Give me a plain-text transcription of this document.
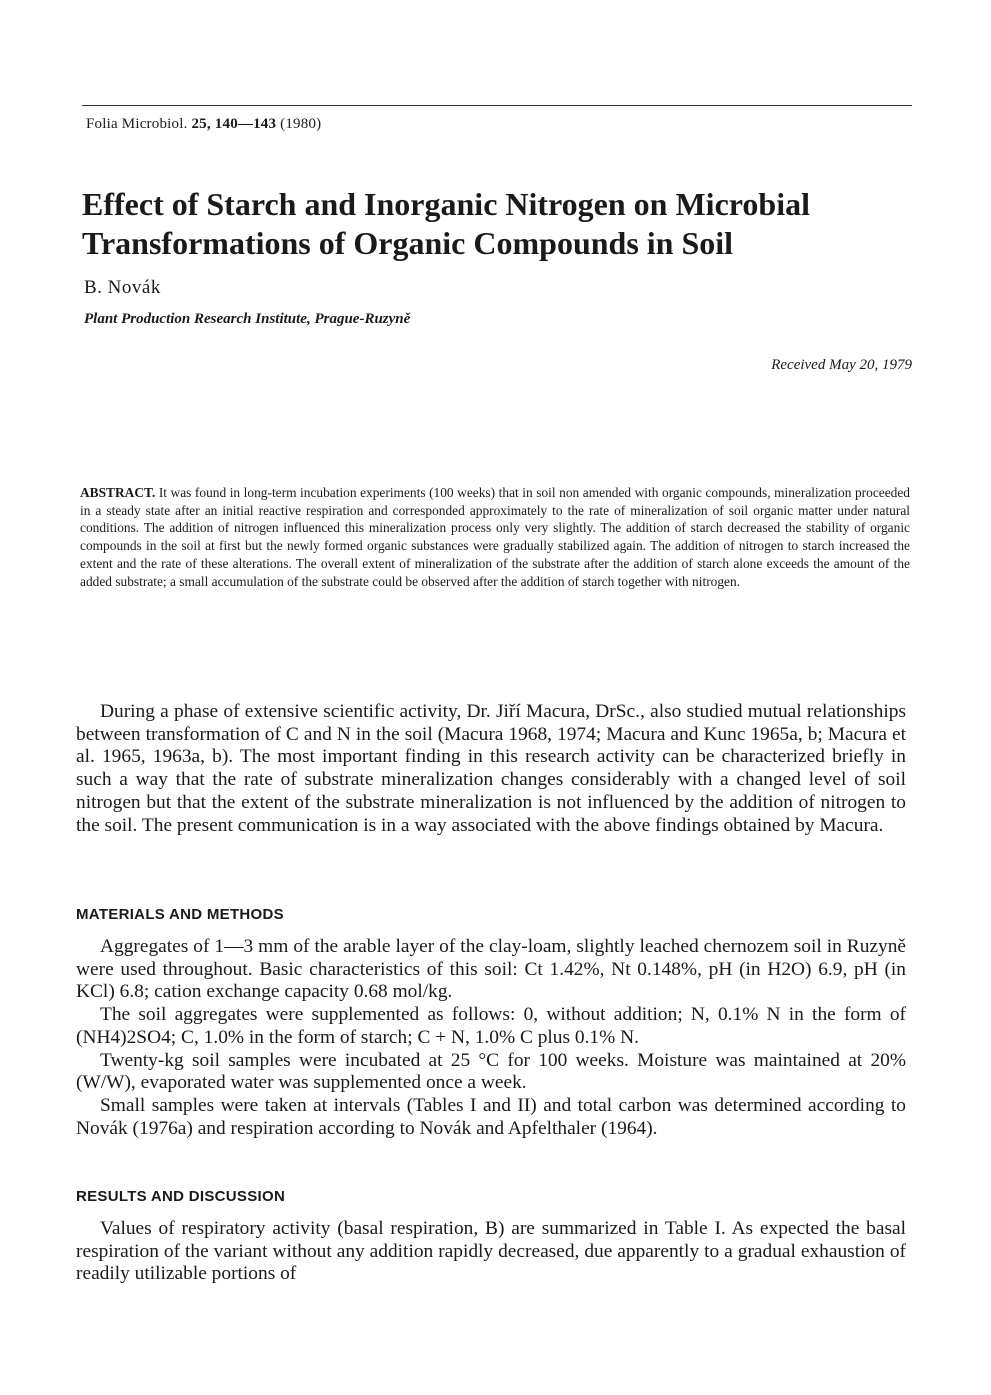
Folia Microbiol. 25, 140—143 (1980)
Effect of Starch and Inorganic Nitrogen on Microbial Transformations of Organic Compounds in Soil
B. Novák
Plant Production Research Institute, Prague-Ruzyně
Received May 20, 1979

ABSTRACT. It was found in long-term incubation experiments (100 weeks) that in soil non amended with organic compounds, mineralization proceeded in a steady state after an initial reactive respiration and corresponded approximately to the rate of mineralization of soil organic matter under natural conditions. The addition of nitrogen influenced this mineralization process only very slightly. The addition of starch decreased the stability of organic compounds in the soil at first but the newly formed organic substances were gradually stabilized again. The addition of nitrogen to starch increased the extent and the rate of these alterations. The overall extent of mineralization of the substrate after the addition of starch alone exceeds the amount of the added substrate; a small accumulation of the substrate could be observed after the addition of starch together with nitrogen.

During a phase of extensive scientific activity, Dr. Jiří Macura, DrSc., also studied mutual relationships between transformation of C and N in the soil (Macura 1968, 1974; Macura and Kunc 1965a, b; Macura et al. 1965, 1963a, b). The most important finding in this research activity can be characterized briefly in such a way that the rate of substrate mineralization changes considerably with a changed level of soil nitrogen but that the extent of the substrate mineralization is not influenced by the addition of nitrogen to the soil. The present communication is in a way associated with the above findings obtained by Macura.

MATERIALS AND METHODS

Aggregates of 1—3 mm of the arable layer of the clay-loam, slightly leached chernozem soil in Ruzyně were used throughout. Basic characteristics of this soil: Ct 1.42%, Nt 0.148%, pH (in H2O) 6.9, pH (in KCl) 6.8; cation exchange capacity 0.68 mol/kg.

The soil aggregates were supplemented as follows: 0, without addition; N, 0.1% N in the form of (NH4)2SO4; C, 1.0% in the form of starch; C + N, 1.0% C plus 0.1% N.

Twenty-kg soil samples were incubated at 25 °C for 100 weeks. Moisture was maintained at 20% (W/W), evaporated water was supplemented once a week.

Small samples were taken at intervals (Tables I and II) and total carbon was determined according to Novák (1976a) and respiration according to Novák and Apfelthaler (1964).

RESULTS AND DISCUSSION

Values of respiratory activity (basal respiration, B) are summarized in Table I. As expected the basal respiration of the variant without any addition rapidly decreased, due apparently to a gradual exhaustion of readily utilizable portions of
